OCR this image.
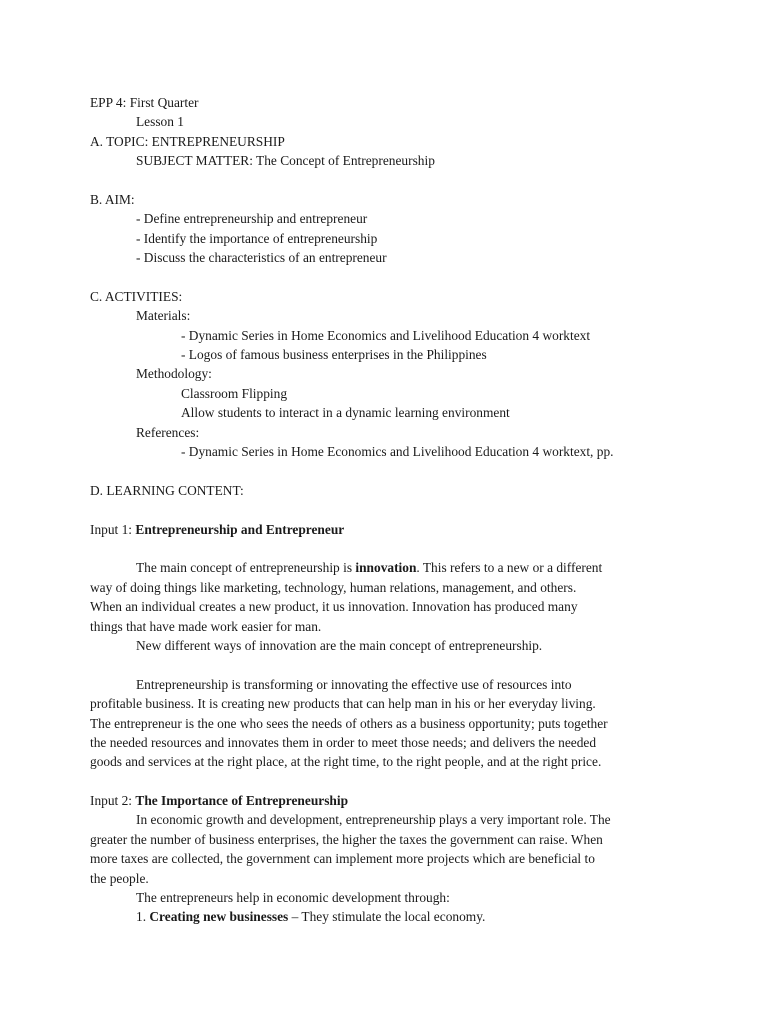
EPP 4: First Quarter
Lesson 1
A. TOPIC: ENTREPRENEURSHIP
SUBJECT MATTER: The Concept of Entrepreneurship
B. AIM:
- Define entrepreneurship and entrepreneur
- Identify the importance of entrepreneurship
- Discuss the characteristics of an entrepreneur
C. ACTIVITIES:
Materials:
- Dynamic Series in Home Economics and Livelihood Education 4 worktext
- Logos of famous business enterprises in the Philippines
Methodology:
Classroom Flipping
Allow students to interact in a dynamic learning environment
References:
- Dynamic Series in Home Economics and Livelihood Education 4 worktext, pp.
D. LEARNING CONTENT:
Input 1: Entrepreneurship and Entrepreneur
The main concept of entrepreneurship is innovation. This refers to a new or a different
way of doing things like marketing, technology, human relations, management, and others.
When an individual creates a new product, it us innovation. Innovation has produced many
things that have made work easier for man.
New different ways of innovation are the main concept of entrepreneurship.
Entrepreneurship is transforming or innovating the effective use of resources into
profitable business. It is creating new products that can help man in his or her everyday living.
The entrepreneur is the one who sees the needs of others as a business opportunity; puts together
the needed resources and innovates them in order to meet those needs; and delivers the needed
goods and services at the right place, at the right time, to the right people, and at the right price.
Input 2: The Importance of Entrepreneurship
In economic growth and development, entrepreneurship plays a very important role. The
greater the number of business enterprises, the higher the taxes the government can raise. When
more taxes are collected, the government can implement more projects which are beneficial to
the people.
The entrepreneurs help in economic development through:
1. Creating new businesses – They stimulate the local economy.
